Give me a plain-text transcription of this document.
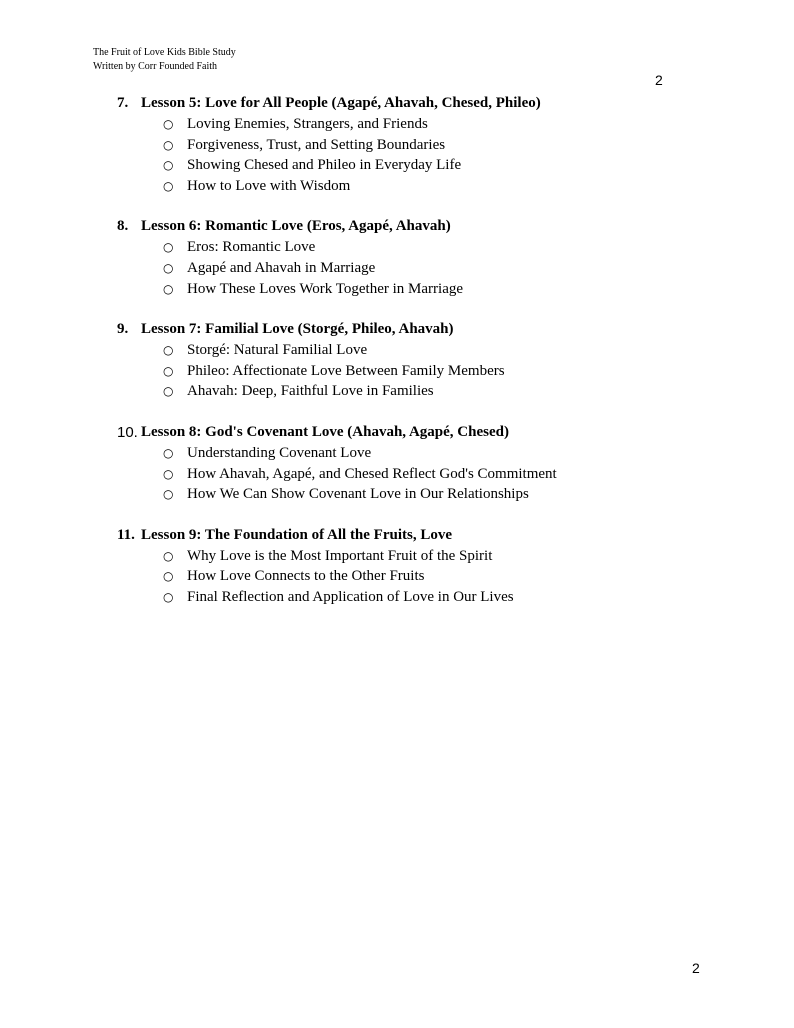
The Fruit of Love Kids Bible Study
Written by Corr Founded Faith
2
7. Lesson 5: Love for All People (Agapé, Ahavah, Chesed, Phileo)
○ Loving Enemies, Strangers, and Friends
○ Forgiveness, Trust, and Setting Boundaries
○ Showing Chesed and Phileo in Everyday Life
○ How to Love with Wisdom
8. Lesson 6: Romantic Love (Eros, Agapé, Ahavah)
○ Eros: Romantic Love
○ Agapé and Ahavah in Marriage
○ How These Loves Work Together in Marriage
9. Lesson 7: Familial Love (Storgé, Phileo, Ahavah)
○ Storgé: Natural Familial Love
○ Phileo: Affectionate Love Between Family Members
○ Ahavah: Deep, Faithful Love in Families
10. Lesson 8: God's Covenant Love (Ahavah, Agapé, Chesed)
○ Understanding Covenant Love
○ How Ahavah, Agapé, and Chesed Reflect God's Commitment
○ How We Can Show Covenant Love in Our Relationships
11. Lesson 9: The Foundation of All the Fruits, Love
○ Why Love is the Most Important Fruit of the Spirit
○ How Love Connects to the Other Fruits
○ Final Reflection and Application of Love in Our Lives
2
